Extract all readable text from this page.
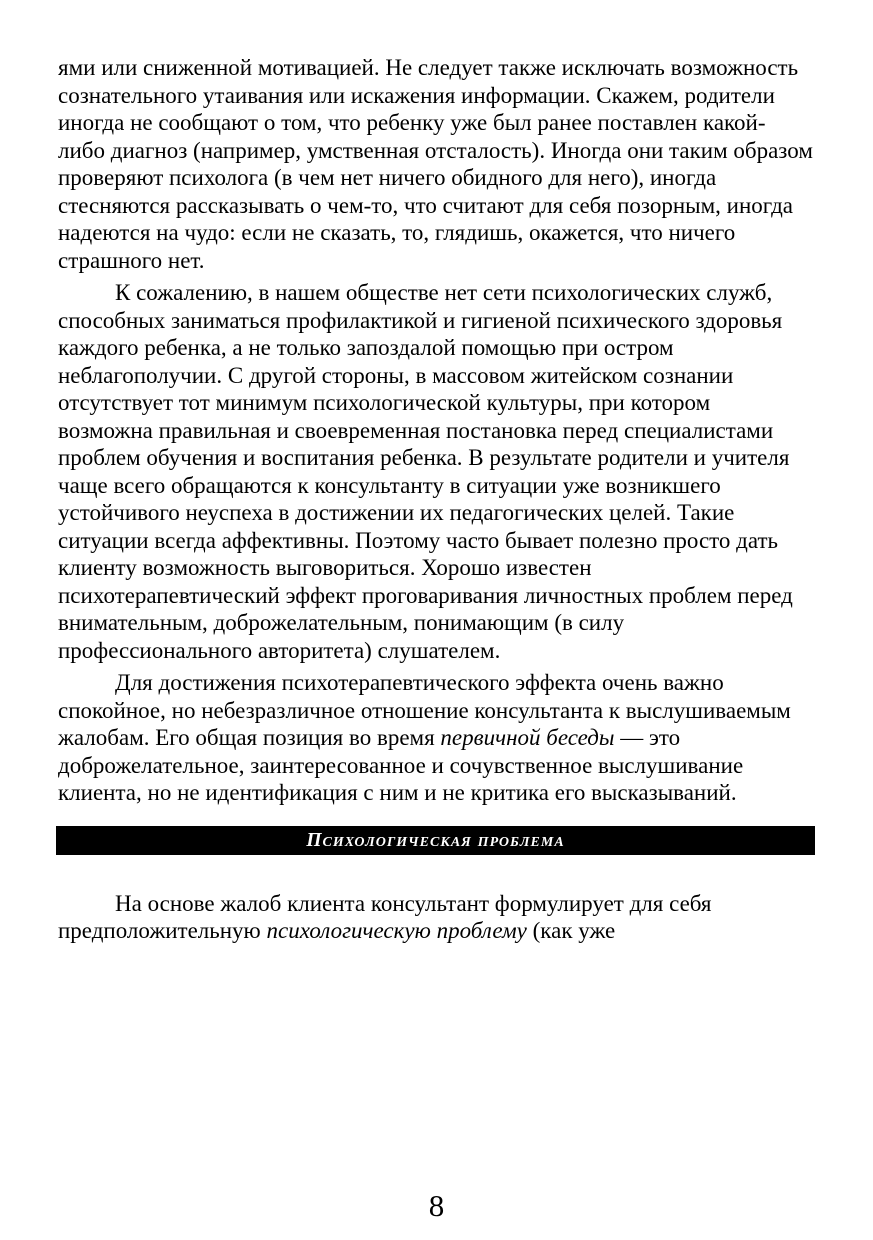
ями или сниженной мотивацией. Не следует также исключать возможность
сознательного утаивания или искажения информации. Скажем, родители
иногда не сообщают о том, что ребенку уже был ранее поставлен какой-
либо диагноз (например, умственная отсталость). Иногда они таким образом
проверяют психолога (в чем нет ничего обидного для него), иногда
стесняются рассказывать о чем-то, что считают для себя позорным, иногда
надеются на чудо: если не сказать, то, глядишь, окажется, что ничего
страшного нет.
К сожалению, в нашем обществе нет сети психологических служб,
способных заниматься профилактикой и гигиеной психического здоровья
каждого ребенка, а не только запоздалой помощью при остром
неблагополучии. С другой стороны, в массовом житейском сознании
отсутствует тот минимум психологической культуры, при котором
возможна правильная и своевременная постановка перед специалистами
проблем обучения и воспитания ребенка. В результате родители и учителя
чаще всего обращаются к консультанту в ситуации уже возникшего
устойчивого неуспеха в достижении их педагогических целей. Такие
ситуации всегда аффективны. Поэтому часто бывает полезно просто дать
клиенту возможность выговориться. Хорошо известен
психотерапевтический эффект проговаривания личностных проблем перед
внимательным, доброжелательным, понимающим (в силу
профессионального авторитета) слушателем.
Для достижения психотерапевтического эффекта очень важно
спокойное, но небезразличное отношение консультанта к выслушиваемым
жалобам. Его общая позиция во время первичной беседы — это
доброжелательное, заинтересованное и сочувственное выслушивание
клиента, но не идентификация с ним и не критика его высказываний.
Психологическая проблема
На основе жалоб клиента консультант формулирует для себя
предположительную психологическую проблему (как уже
8
